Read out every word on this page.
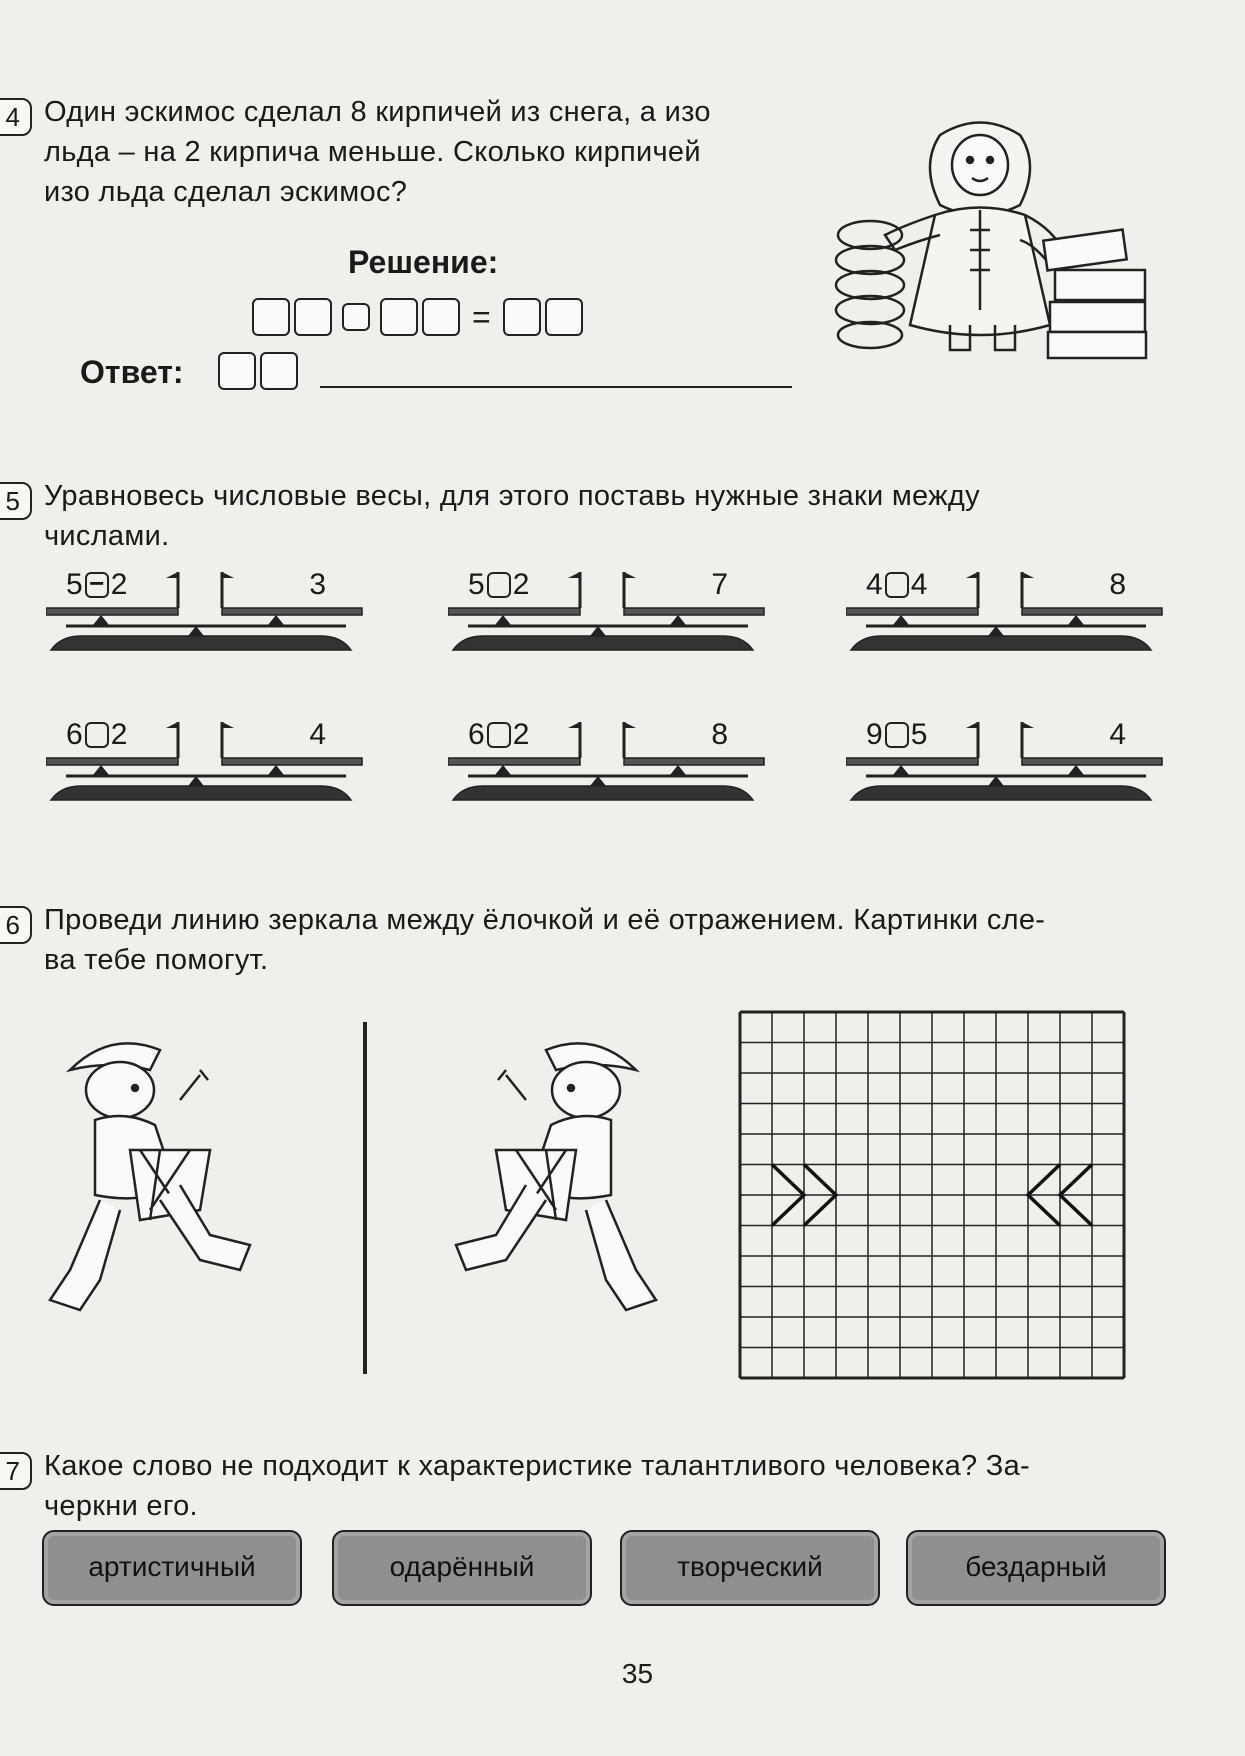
4 Один эскимос сделал 8 кирпичей из снега, а изо

льда – на 2 кирпича меньше. Сколько кирпичей

изо льда сделал эскимос?

Решение:
=
Ответ:
5 Уравновесь числовые весы, для этого поставь нужные знаки между

числами.

5 − 2	3	5 2	7	4 4	8
6 2	4	6 2	8	9 5	4
6 Проведи линию зеркала между ёлочкой и её отражением. Картинки сле-

ва тебе помогут.

7 Какое слово не подходит к характеристике талантливого человека? За-

черкни его.

артистичный	одарённый	творческий	бездарный
35
